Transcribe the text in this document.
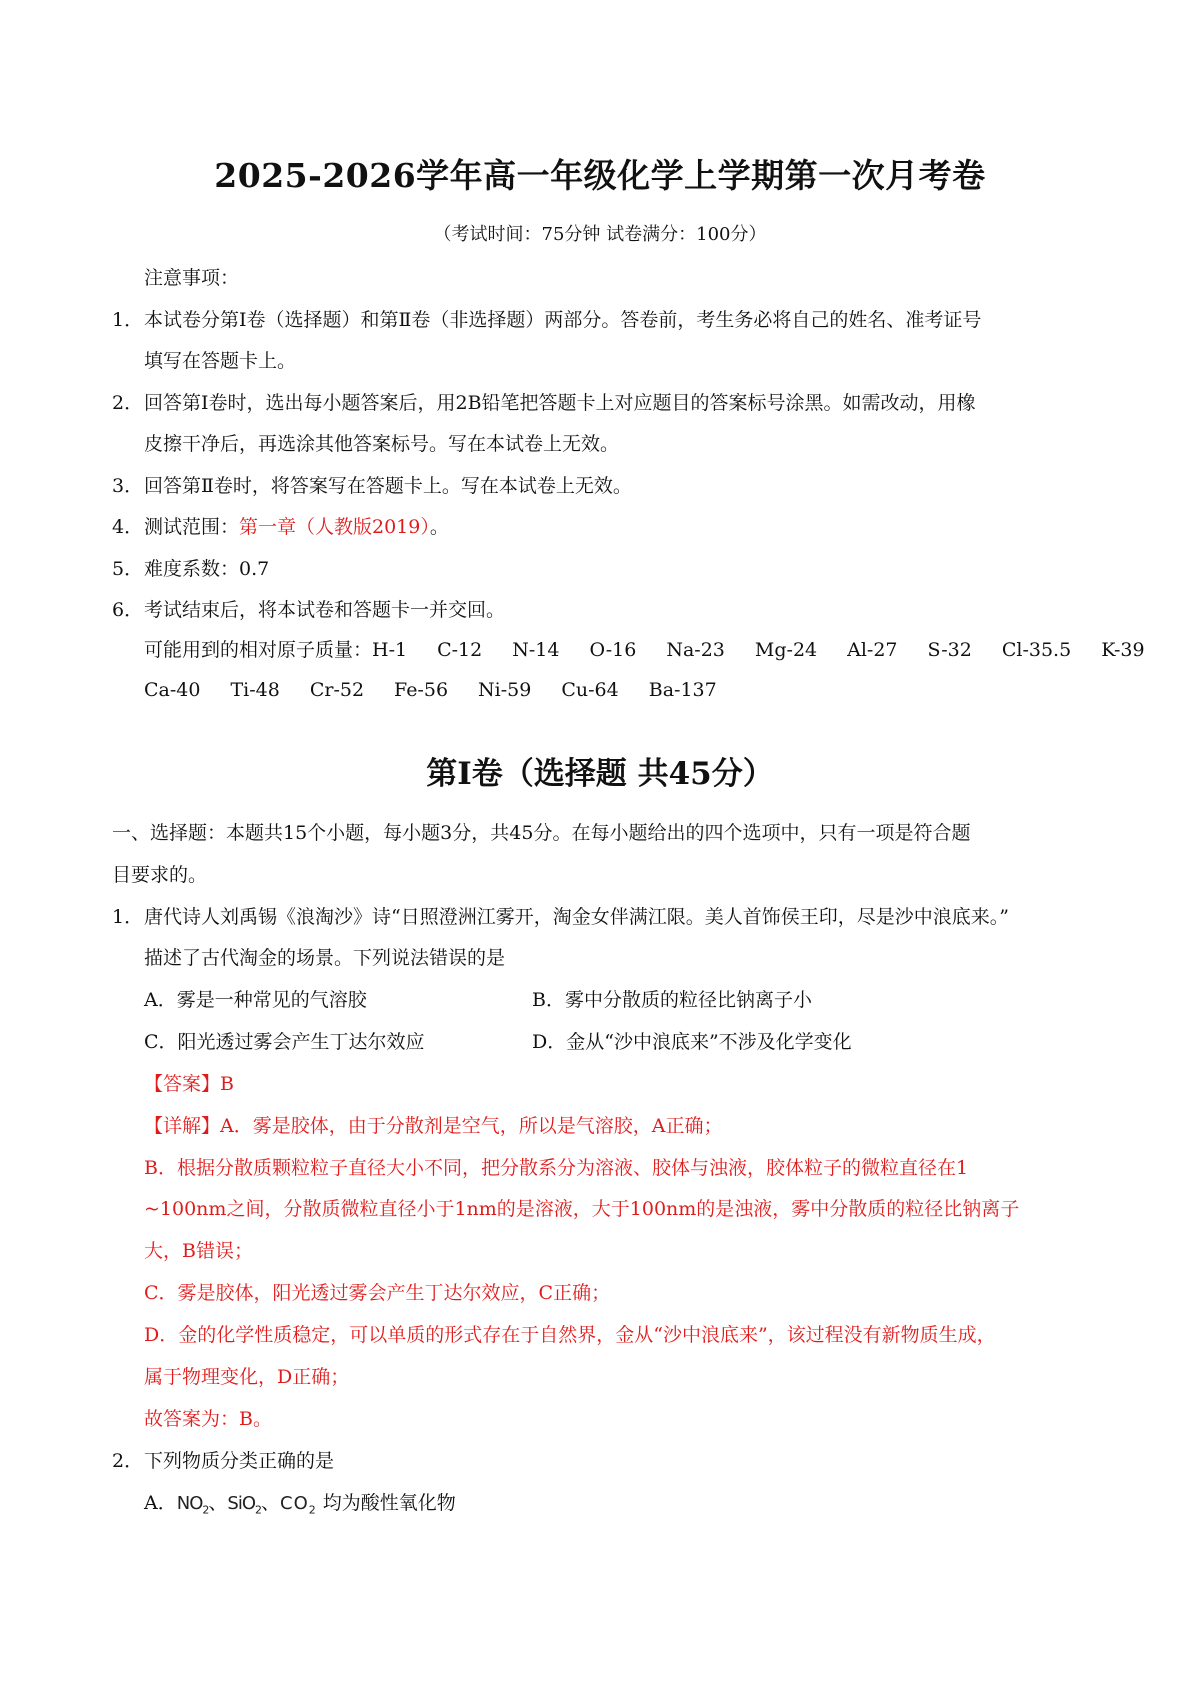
2025-2026学年高一年级化学上学期第一次月考卷
（考试时间：75分钟 试卷满分：100分）
注意事项：
1． 本试卷分第Ⅰ卷（选择题）和第Ⅱ卷（非选择题）两部分。答卷前，考生务必将自己的姓名、准考证号
填写在答题卡上。
2． 回答第Ⅰ卷时，选出每小题答案后，用2B铅笔把答题卡上对应题目的答案标号涂黑。如需改动，用橡
皮擦干净后，再选涂其他答案标号。写在本试卷上无效。
3． 回答第Ⅱ卷时，将答案写在答题卡上。写在本试卷上无效。
4． 测试范围：第一章（人教版2019）。
5． 难度系数：0.7
6． 考试结束后，将本试卷和答题卡一并交回。
可能用到的相对原子质量：H-1 C-12 N-14 O-16 Na-23 Mg-24 Al-27 S-32 Cl-35.5 K-39
Ca-40 Ti-48 Cr-52 Fe-56 Ni-59 Cu-64 Ba-137
第Ⅰ卷（选择题 共45分）
一、选择题：本题共15个小题，每小题3分，共45分。在每小题给出的四个选项中，只有一项是符合题
目要求的。
1． 唐代诗人刘禹锡《浪淘沙》诗“日照澄洲江雾开，淘金女伴满江限。美人首饰侯王印，尽是沙中浪底来。”
描述了古代淘金的场景。下列说法错误的是
A．雾是一种常见的气溶胶	B．雾中分散质的粒径比钠离子小
C．阳光透过雾会产生丁达尔效应	D．金从“沙中浪底来”不涉及化学变化
【答案】B
【详解】A．雾是胶体，由于分散剂是空气，所以是气溶胶，A正确；
B．根据分散质颗粒粒子直径大小不同，把分散系分为溶液、胶体与浊液，胶体粒子的微粒直径在1
~100nm之间，分散质微粒直径小于1nm的是溶液，大于100nm的是浊液，雾中分散质的粒径比钠离子
大，B错误；
C．雾是胶体，阳光透过雾会产生丁达尔效应，C正确；
D．金的化学性质稳定，可以单质的形式存在于自然界，金从“沙中浪底来”，该过程没有新物质生成，
属于物理变化，D正确；
故答案为：B。
2． 下列物质分类正确的是
A．$NO_2$、SiO$_2$、$CO_2$ 均为酸性氧化物
